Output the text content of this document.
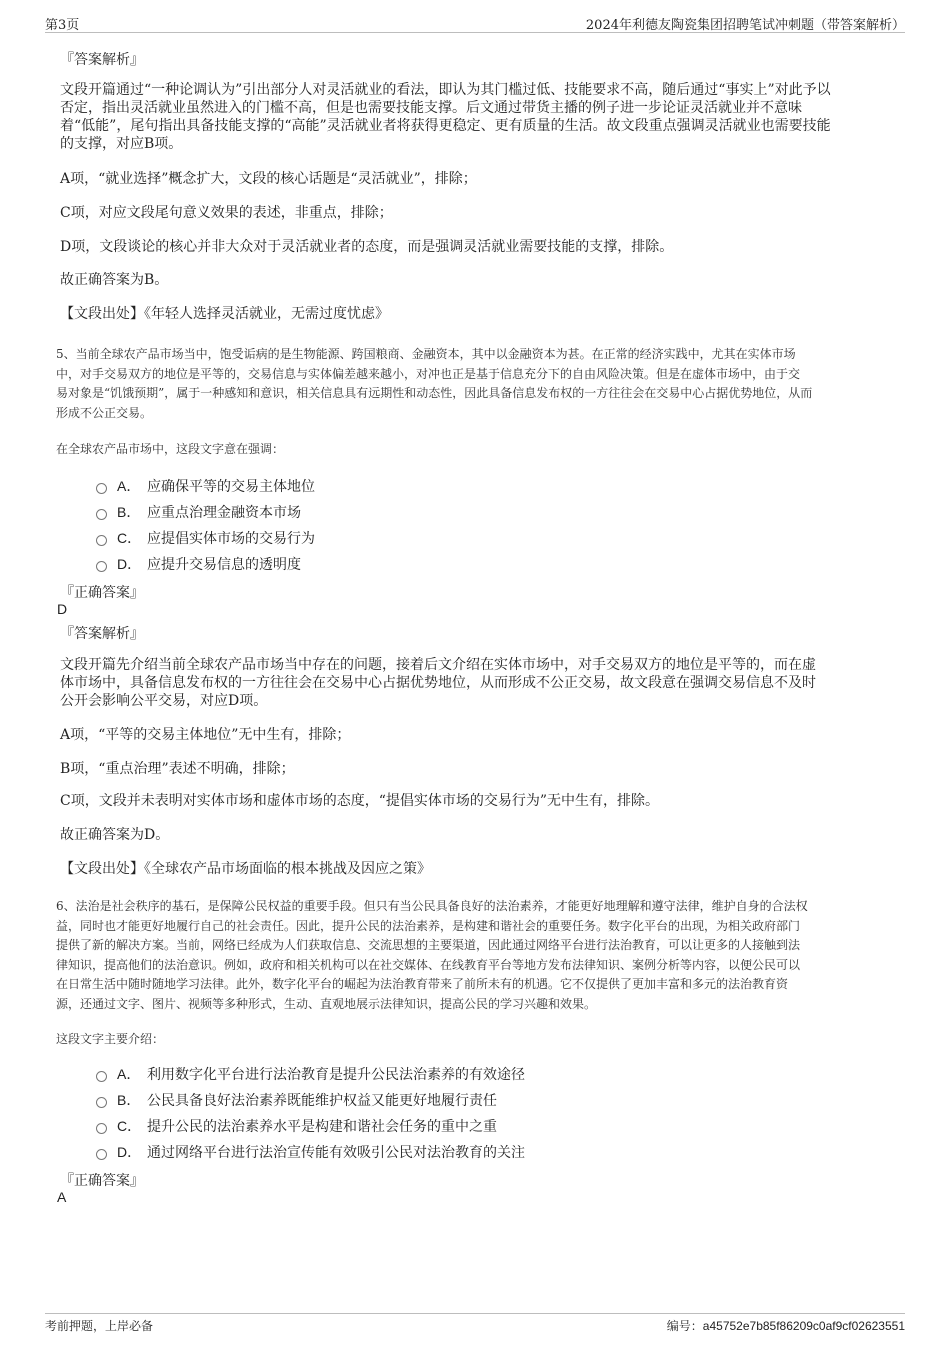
第3页	2024年利德友陶瓷集团招聘笔试冲刺题（带答案解析）
『答案解析』
文段开篇通过“一种论调认为”引出部分人对灵活就业的看法，即认为其门槛过低、技能要求不高，随后通过“事实上”对此予以
否定，指出灵活就业虽然进入的门槛不高，但是也需要技能支撑。后文通过带货主播的例子进一步论证灵活就业并不意味
着“低能”，尾句指出具备技能支撑的“高能”灵活就业者将获得更稳定、更有质量的生活。故文段重点强调灵活就业也需要技能
的支撑，对应B项。
A项，“就业选择”概念扩大，文段的核心话题是“灵活就业”，排除；
C项，对应文段尾句意义效果的表述，非重点，排除；
D项，文段谈论的核心并非大众对于灵活就业者的态度，而是强调灵活就业需要技能的支撑，排除。
故正确答案为B。
【文段出处】《年轻人选择灵活就业，无需过度忧虑》
5、当前全球农产品市场当中，饱受诟病的是生物能源、跨国粮商、金融资本，其中以金融资本为甚。在正常的经济实践中，尤其在实体市场
中，对手交易双方的地位是平等的，交易信息与实体偏差越来越小，对冲也正是基于信息充分下的自由风险决策。但是在虚体市场中，由于交
易对象是“饥饿预期”，属于一种感知和意识，相关信息具有远期性和动态性，因此具备信息发布权的一方往往会在交易中心占据优势地位，从而
形成不公正交易。
在全球农产品市场中，这段文字意在强调：
A． 应确保平等的交易主体地位
B． 应重点治理金融资本市场
C． 应提倡实体市场的交易行为
D． 应提升交易信息的透明度
『正确答案』
D
『答案解析』
文段开篇先介绍当前全球农产品市场当中存在的问题，接着后文介绍在实体市场中，对手交易双方的地位是平等的，而在虚
体市场中，具备信息发布权的一方往往会在交易中心占据优势地位，从而形成不公正交易，故文段意在强调交易信息不及时
公开会影响公平交易，对应D项。
A项，“平等的交易主体地位”无中生有，排除；
B项，“重点治理”表述不明确，排除；
C项，文段并未表明对实体市场和虚体市场的态度，“提倡实体市场的交易行为”无中生有，排除。
故正确答案为D。
【文段出处】《全球农产品市场面临的根本挑战及因应之策》
6、法治是社会秩序的基石，是保障公民权益的重要手段。但只有当公民具备良好的法治素养，才能更好地理解和遵守法律，维护自身的合法权
益，同时也才能更好地履行自己的社会责任。因此，提升公民的法治素养，是构建和谐社会的重要任务。数字化平台的出现，为相关政府部门
提供了新的解决方案。当前，网络已经成为人们获取信息、交流思想的主要渠道，因此通过网络平台进行法治教育，可以让更多的人接触到法
律知识，提高他们的法治意识。例如，政府和相关机构可以在社交媒体、在线教育平台等地方发布法律知识、案例分析等内容，以便公民可以
在日常生活中随时随地学习法律。此外，数字化平台的崛起为法治教育带来了前所未有的机遇。它不仅提供了更加丰富和多元的法治教育资
源，还通过文字、图片、视频等多种形式，生动、直观地展示法律知识，提高公民的学习兴趣和效果。
这段文字主要介绍：
A． 利用数字化平台进行法治教育是提升公民法治素养的有效途径
B． 公民具备良好法治素养既能维护权益又能更好地履行责任
C． 提升公民的法治素养水平是构建和谐社会任务的重中之重
D． 通过网络平台进行法治宣传能有效吸引公民对法治教育的关注
『正确答案』
A
考前押题，上岸必备	编号：a45752e7b85f86209c0af9cf02623551
